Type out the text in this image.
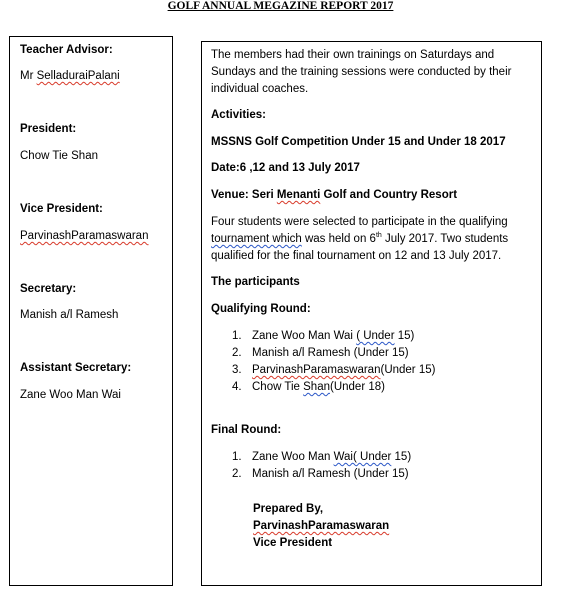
GOLF ANNUAL MEGAZINE REPORT 2017
Teacher Advisor:
Mr SelladuraiPalani
President:
Chow Tie Shan
Vice President:
ParvinashParamaswaran
Secretary:
Manish a/l Ramesh
Assistant Secretary:
Zane Woo Man Wai
The members had their own trainings on Saturdays and
Sundays and the training sessions were conducted by their
individual coaches.
Activities:
MSSNS Golf Competition Under 15 and Under 18 2017
Date:6 ,12 and 13 July 2017
Venue: Seri Menanti Golf and Country Resort
Four students were selected to participate in the qualifying
tournament which was held on 6th July 2017. Two students
qualified for the final tournament on 12 and 13 July 2017.
The participants
Qualifying Round:
1. Zane Woo Man Wai ( Under 15)
2. Manish a/l Ramesh (Under 15)
3. ParvinashParamaswaran(Under 15)
4. Chow Tie Shan(Under 18)
Final Round:
1. Zane Woo Man Wai( Under 15)
2. Manish a/l Ramesh (Under 15)
Prepared By,
ParvinashParamaswaran
Vice President
